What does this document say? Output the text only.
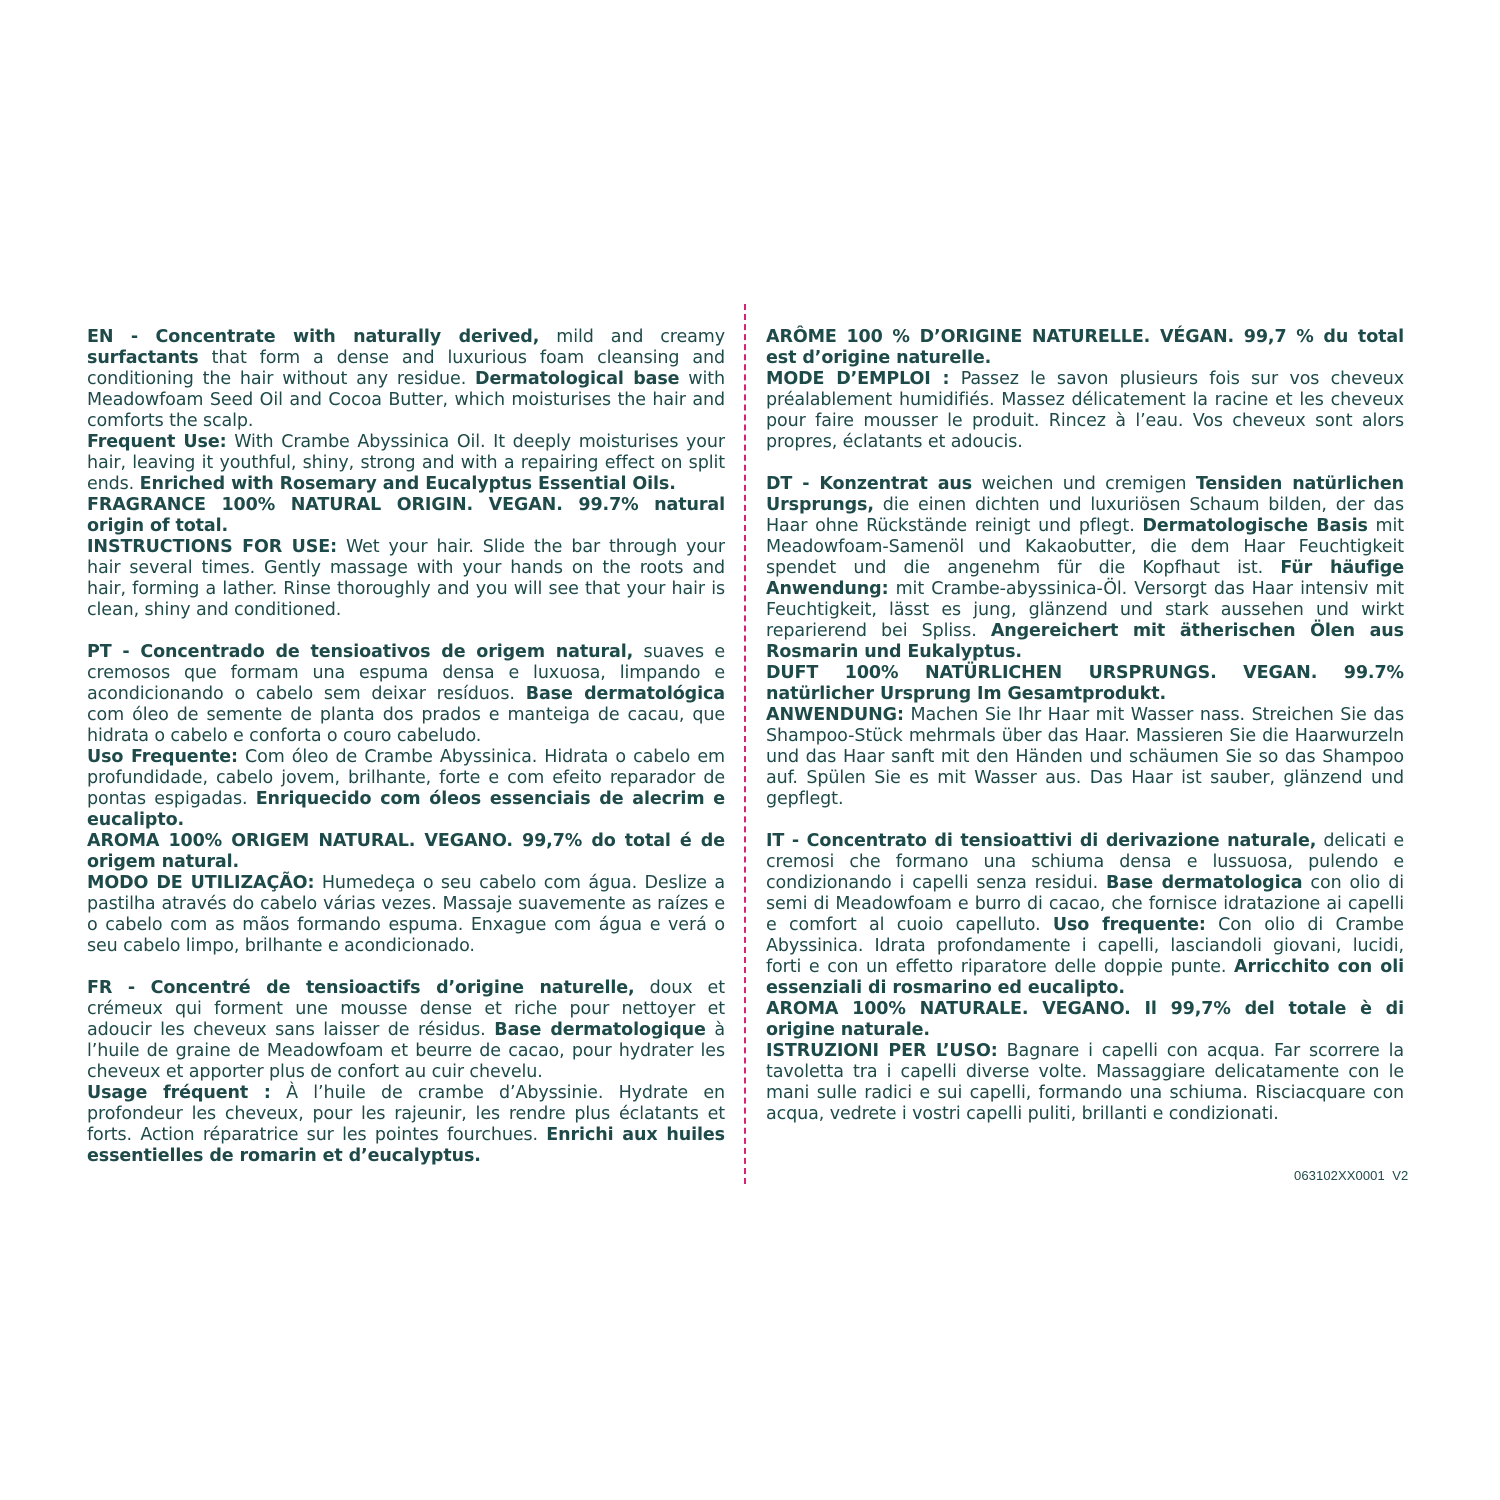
EN - Concentrate with naturally derived, mild and creamy surfactants that form a dense and luxurious foam cleansing and conditioning the hair without any residue. Dermatological base with Meadowfoam Seed Oil and Cocoa Butter, which moisturises the hair and comforts the scalp.

Frequent Use: With Crambe Abyssinica Oil. It deeply moisturises your hair, leaving it youthful, shiny, strong and with a repairing effect on split ends. Enriched with Rosemary and Eucalyptus Essential Oils.

FRAGRANCE 100% NATURAL ORIGIN. VEGAN. 99.7% natural origin of total.

INSTRUCTIONS FOR USE: Wet your hair. Slide the bar through your hair several times. Gently massage with your hands on the roots and hair, forming a lather. Rinse thoroughly and you will see that your hair is clean, shiny and conditioned.

PT - Concentrado de tensioativos de origem natural, suaves e cremosos que formam una espuma densa e luxuosa, limpando e acondicionando o cabelo sem deixar resíduos. Base dermatológica com óleo de semente de planta dos prados e manteiga de cacau, que hidrata o cabelo e conforta o couro cabeludo.

Uso Frequente: Com óleo de Crambe Abyssinica. Hidrata o cabelo em profundidade, cabelo jovem, brilhante, forte e com efeito reparador de pontas espigadas. Enriquecido com óleos essenciais de alecrim e eucalipto.

AROMA 100% ORIGEM NATURAL. VEGANO. 99,7% do total é de origem natural.

MODO DE UTILIZAÇÃO: Humedeça o seu cabelo com água. Deslize a pastilha através do cabelo várias vezes. Massaje suavemente as raízes e o cabelo com as mãos formando espuma. Enxague com água e verá o seu cabelo limpo, brilhante e acondicionado.

FR - Concentré de tensioactifs d’origine naturelle, doux et crémeux qui forment une mousse dense et riche pour nettoyer et adoucir les cheveux sans laisser de résidus. Base dermatologique à l’huile de graine de Meadowfoam et beurre de cacao, pour hydrater les cheveux et apporter plus de confort au cuir chevelu.

Usage fréquent : À l’huile de crambe d’Abyssinie. Hydrate en profondeur les cheveux, pour les rajeunir, les rendre plus éclatants et forts. Action réparatrice sur les pointes fourchues. Enrichi aux huiles essentielles de romarin et d’eucalyptus.

ARÔME 100 % D’ORIGINE NATURELLE. VÉGAN. 99,7 % du total est d’origine naturelle.

MODE D’EMPLOI : Passez le savon plusieurs fois sur vos cheveux préalablement humidifiés. Massez délicatement la racine et les cheveux pour faire mousser le produit. Rincez à l’eau. Vos cheveux sont alors propres, éclatants et adoucis.

DT - Konzentrat aus weichen und cremigen Tensiden natürlichen Ursprungs, die einen dichten und luxuriösen Schaum bilden, der das Haar ohne Rückstände reinigt und pflegt. Dermatologische Basis mit Meadowfoam-Samenöl und Kakaobutter, die dem Haar Feuchtigkeit spendet und die angenehm für die Kopfhaut ist. Für häufige Anwendung: mit Crambe-abyssinica-Öl. Versorgt das Haar intensiv mit Feuchtigkeit, lässt es jung, glänzend und stark aussehen und wirkt reparierend bei Spliss. Angereichert mit ätherischen Ölen aus Rosmarin und Eukalyptus.

DUFT 100% NATÜRLICHEN URSPRUNGS. VEGAN. 99.7% natürlicher Ursprung Im Gesamtprodukt.

ANWENDUNG: Machen Sie Ihr Haar mit Wasser nass. Streichen Sie das Shampoo-Stück mehrmals über das Haar. Massieren Sie die Haarwurzeln und das Haar sanft mit den Händen und schäumen Sie so das Shampoo auf. Spülen Sie es mit Wasser aus. Das Haar ist sauber, glänzend und gepflegt.

IT - Concentrato di tensioattivi di derivazione naturale, delicati e cremosi che formano una schiuma densa e lussuosa, pulendo e condizionando i capelli senza residui. Base dermatologica con olio di semi di Meadowfoam e burro di cacao, che fornisce idratazione ai capelli e comfort al cuoio capelluto. Uso frequente: Con olio di Crambe Abyssinica. Idrata profondamente i capelli, lasciandoli giovani, lucidi, forti e con un effetto riparatore delle doppie punte. Arricchito con oli essenziali di rosmarino ed eucalipto.

AROMA 100% NATURALE. VEGANO. Il 99,7% del totale è di origine naturale.

ISTRUZIONI PER L’USO: Bagnare i capelli con acqua. Far scorrere la tavoletta tra i capelli diverse volte. Massaggiare delicatamente con le mani sulle radici e sui capelli, formando una schiuma. Risciacquare con acqua, vedrete i vostri capelli puliti, brillanti e condizionati.

063102XX0001  V2
